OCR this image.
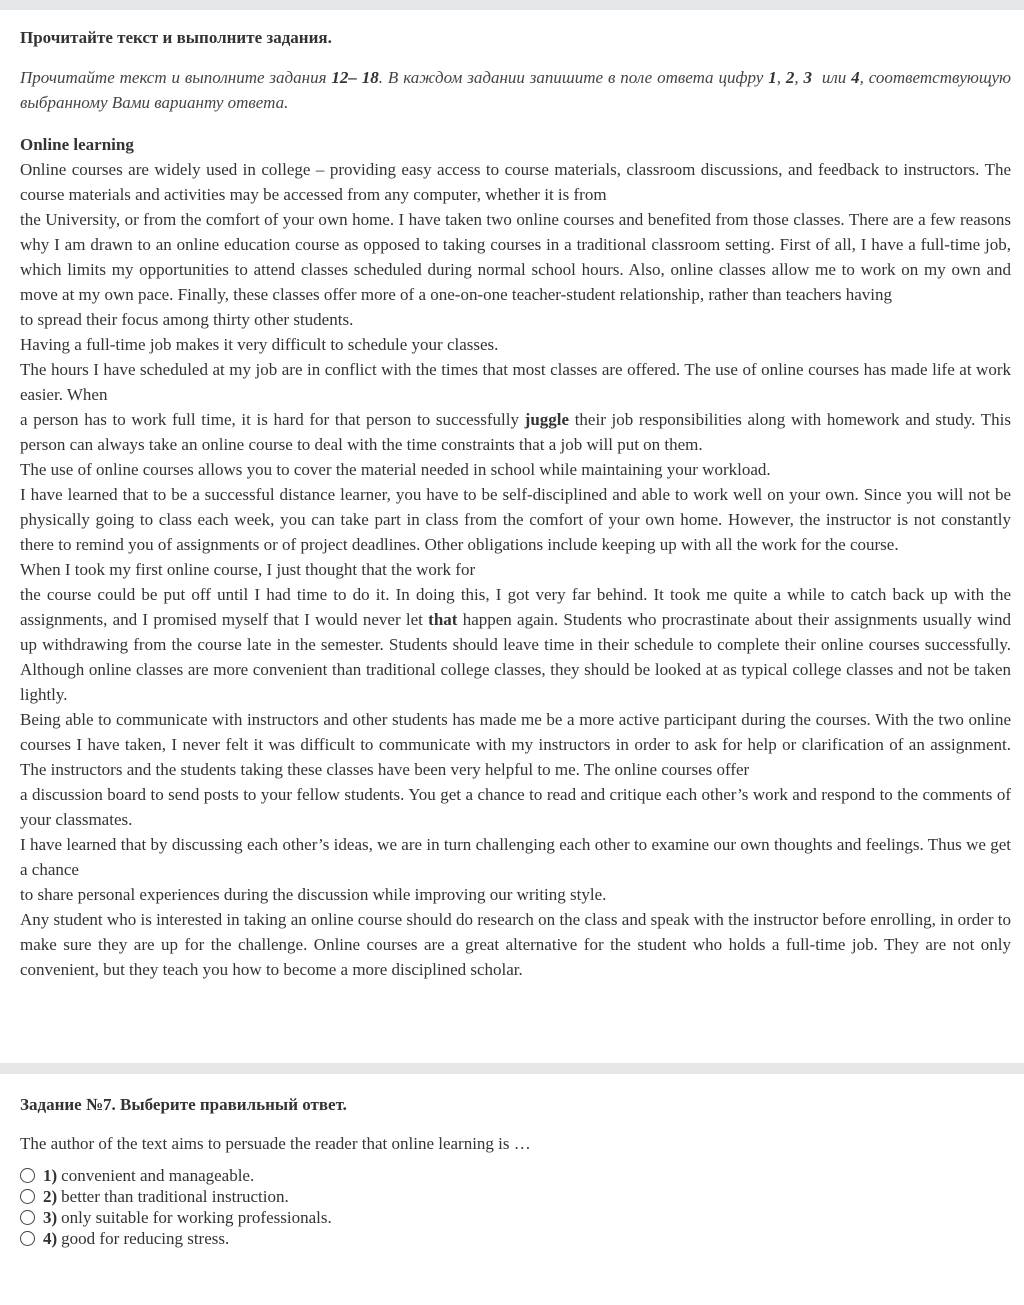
Прочитайте текст и выполните задания.

Прочитайте текст и выполните задания 12– 18. В каждом задании запишите в поле ответа цифру 1, 2, 3  или 4, соответствующую выбранному Вами варианту ответа.

Online learning

Online courses are widely used in college – providing easy access to course materials, classroom discussions, and feedback to instructors. The course materials and activities may be accessed from any computer, whether it is from

the University, or from the comfort of your own home. I have taken two online courses and benefited from those classes. There are a few reasons why I am drawn to an online education course as opposed to taking courses in a traditional classroom setting. First of all, I have a full-time job, which limits my opportunities to attend classes scheduled during normal school hours. Also, online classes allow me to work on my own and move at my own pace. Finally, these classes offer more of a one-on-one teacher-student relationship, rather than teachers having

to spread their focus among thirty other students.

Having a full-time job makes it very difficult to schedule your classes.

The hours I have scheduled at my job are in conflict with the times that most classes are offered. The use of online courses has made life at work easier. When

a person has to work full time, it is hard for that person to successfully juggle their job responsibilities along with homework and study. This person can always take an online course to deal with the time constraints that a job will put on them.

The use of online courses allows you to cover the material needed in school while maintaining your workload.

I have learned that to be a successful distance learner, you have to be self-disciplined and able to work well on your own. Since you will not be physically going to class each week, you can take part in class from the comfort of your own home. However, the instructor is not constantly there to remind you of assignments or of project deadlines. Other obligations include keeping up with all the work for the course.

When I took my first online course, I just thought that the work for

the course could be put off until I had time to do it. In doing this, I got very far behind. It took me quite a while to catch back up with the assignments, and I promised myself that I would never let that happen again. Students who procrastinate about their assignments usually wind up withdrawing from the course late in the semester. Students should leave time in their schedule to complete their online courses successfully. Although online classes are more convenient than traditional college classes, they should be looked at as typical college classes and not be taken lightly.

Being able to communicate with instructors and other students has made me be a more active participant during the courses. With the two online courses I have taken, I never felt it was difficult to communicate with my instructors in order to ask for help or clarification of an assignment. The instructors and the students taking these classes have been very helpful to me. The online courses offer

a discussion board to send posts to your fellow students. You get a chance to read and critique each other’s work and respond to the comments of your classmates.

I have learned that by discussing each other’s ideas, we are in turn challenging each other to examine our own thoughts and feelings. Thus we get a chance

to share personal experiences during the discussion while improving our writing style.

Any student who is interested in taking an online course should do research on the class and speak with the instructor before enrolling, in order to make sure they are up for the challenge. Online courses are a great alternative for the student who holds a full-time job. They are not only convenient, but they teach you how to become a more disciplined scholar.

Задание №7. Выберите правильный ответ.

The author of the text aims to persuade the reader that online learning is …

1) convenient and manageable.
2) better than traditional instruction.
3) only suitable for working professionals.
4) good for reducing stress.
